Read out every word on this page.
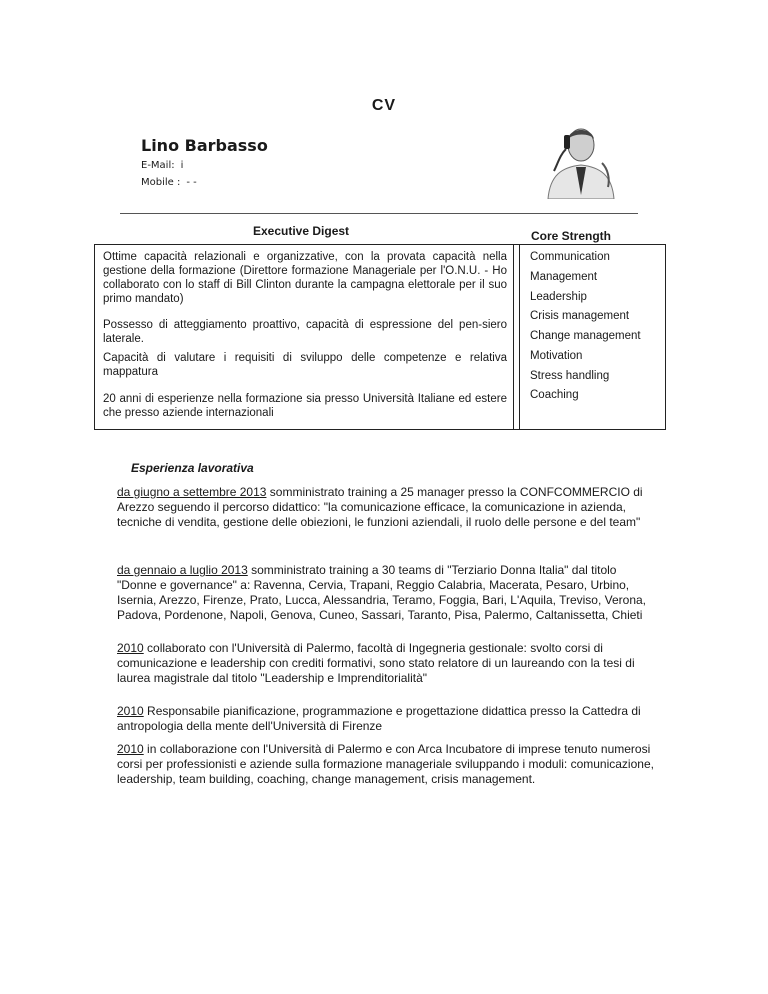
CV
Lino Barbasso
E-Mail: i
Mobile : - -
Executive Digest	Core Strength
Ottime capacità relazionali e organizzative, con la provata capacità nella gestione della formazione (Direttore formazione Manageriale per l'O.N.U. - Ho collaborato con lo staff di Bill Clinton durante la campagna elettorale per il suo primo mandato)
Possesso di atteggiamento proattivo, capacità di espressione del pen-siero laterale.
Capacità di valutare i requisiti di sviluppo delle competenze e relativa mappatura
20 anni di esperienze nella formazione sia presso Università Italiane ed estere che presso aziende internazionali
Communication
Management
Leadership
Crisis management
Change management
Motivation
Stress handling
Coaching
Esperienza lavorativa
da giugno a settembre 2013 somministrato training a 25 manager presso la CONFCOMMERCIO di Arezzo seguendo il percorso didattico: "la comunicazione efficace, la comunicazione in azienda, tecniche di vendita, gestione delle obiezioni, le funzioni aziendali, il ruolo delle persone e del team"
da gennaio a luglio 2013 somministrato training a 30 teams di "Terziario Donna Italia" dal titolo "Donne e governance" a: Ravenna, Cervia, Trapani, Reggio Calabria, Macerata, Pesaro, Urbino, Isernia, Arezzo, Firenze, Prato, Lucca, Alessandria, Teramo, Foggia, Bari, L'Aquila, Treviso, Verona, Padova, Pordenone, Napoli, Genova, Cuneo, Sassari, Taranto, Pisa, Palermo, Caltanissetta, Chieti
2010 collaborato con l'Università di Palermo, facoltà di Ingegneria gestionale: svolto corsi di comunicazione e leadership con crediti formativi, sono stato relatore di un laureando con la tesi di laurea magistrale dal titolo "Leadership e Imprenditorialità"
2010 Responsabile pianificazione, programmazione e progettazione didattica presso la Cattedra di antropologia della mente dell'Università di Firenze
2010 in collaborazione con l'Università di Palermo e con Arca Incubatore di imprese tenuto numerosi corsi per professionisti e aziende sulla formazione manageriale sviluppando i moduli: comunicazione, leadership, team building, coaching, change management, crisis management.
